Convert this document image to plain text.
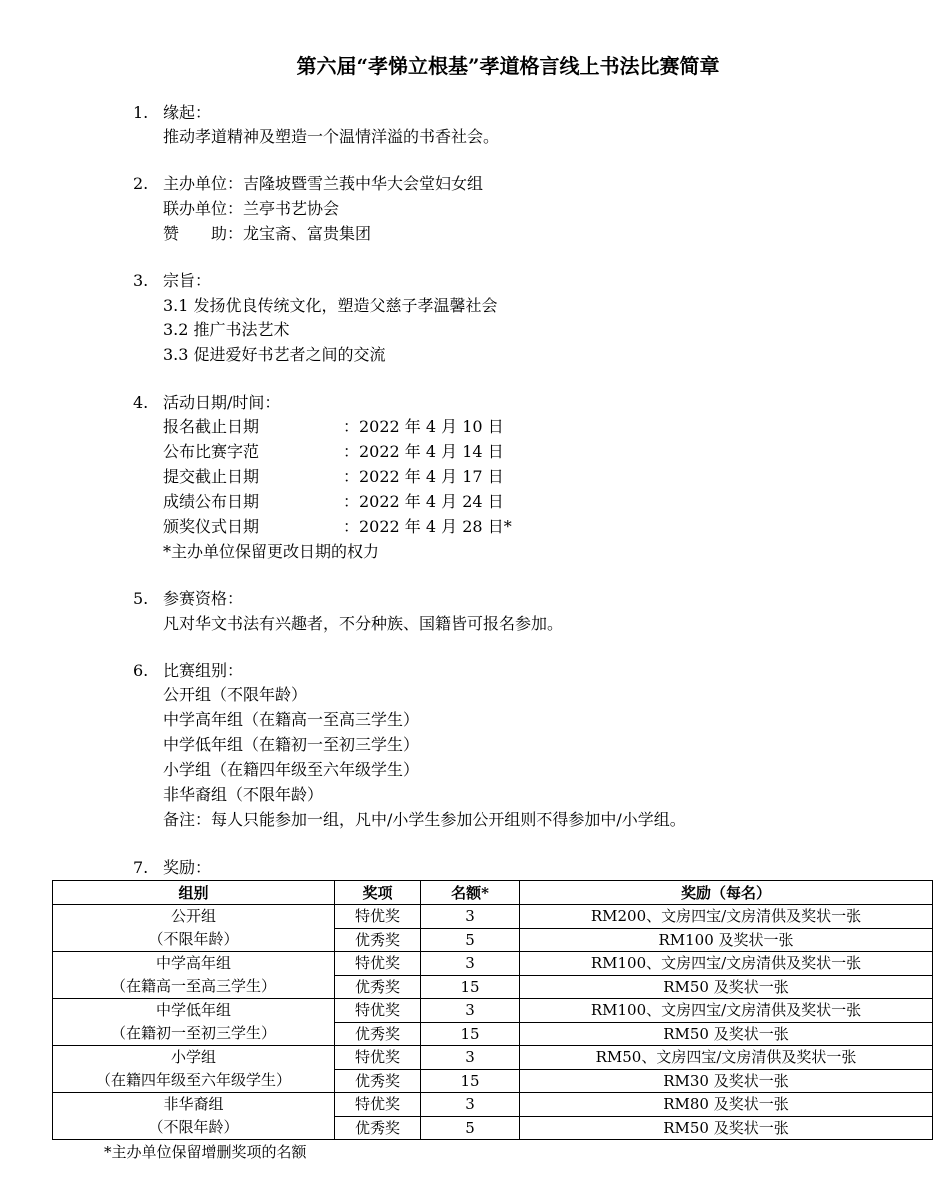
第六届“孝悌立根基”孝道格言线上书法比赛简章
1. 缘起：
推动孝道精神及塑造一个温情洋溢的书香社会。
2. 主办单位：吉隆坡暨雪兰莪中华大会堂妇女组
联办单位：兰亭书艺协会
赞　　助：龙宝斋、富贵集团
3. 宗旨：
3.1 发扬优良传统文化，塑造父慈子孝温馨社会
3.2 推广书法艺术
3.3 促进爱好书艺者之间的交流
4. 活动日期/时间：
报名截止日期	：2022 年 4 月 10 日
公布比赛字范	：2022 年 4 月 14 日
提交截止日期	：2022 年 4 月 17 日
成绩公布日期	：2022 年 4 月 24 日
颁奖仪式日期	：2022 年 4 月 28 日*
*主办单位保留更改日期的权力
5. 参赛资格：
凡对华文书法有兴趣者，不分种族、国籍皆可报名参加。
6. 比赛组别：
公开组（不限年龄）
中学高年组（在籍高一至高三学生）
中学低年组（在籍初一至初三学生）
小学组（在籍四年级至六年级学生）
非华裔组（不限年龄）
备注：每人只能参加一组，凡中/小学生参加公开组则不得参加中/小学组。
7. 奖励：
组别	奖项	名额*	奖励（每名）

公开组
（不限年龄）	特优奖	3	RM200、文房四宝/文房清供及奖状一张
	优秀奖	5	RM100 及奖状一张

中学高年组
（在籍高一至高三学生）	特优奖	3	RM100、文房四宝/文房清供及奖状一张
	优秀奖	15	RM50 及奖状一张

中学低年组
（在籍初一至初三学生）	特优奖	3	RM100、文房四宝/文房清供及奖状一张
	优秀奖	15	RM50 及奖状一张

小学组
（在籍四年级至六年级学生）	特优奖	3	RM50、文房四宝/文房清供及奖状一张
	优秀奖	15	RM30 及奖状一张

非华裔组
（不限年龄）	特优奖	3	RM80 及奖状一张
	优秀奖	5	RM50 及奖状一张
*主办单位保留增删奖项的名额
